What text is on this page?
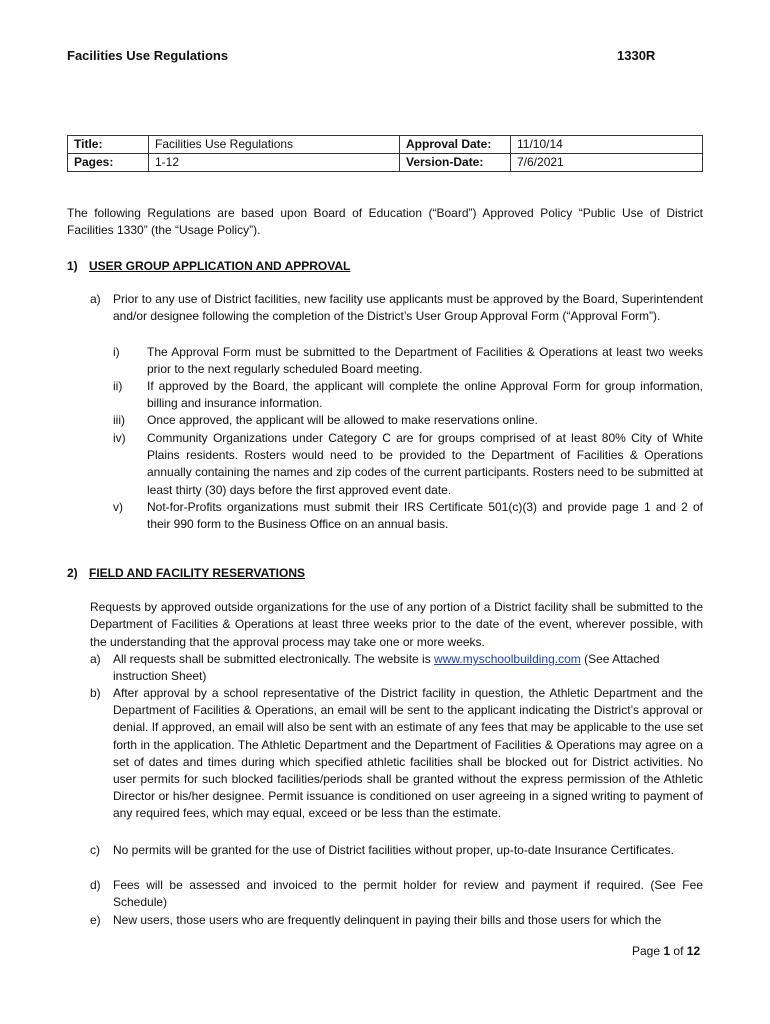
Facilities Use Regulations	1330R
Title:	Facilities Use Regulations	Approval Date:	11/10/14
Pages:	1-12	Version-Date:	7/6/2021
The following Regulations are based upon Board of Education (“Board”) Approved Policy “Public Use of District Facilities 1330” (the “Usage Policy”).
1) USER GROUP APPLICATION AND APPROVAL
a) Prior to any use of District facilities, new facility use applicants must be approved by the Board, Superintendent and/or designee following the completion of the District’s User Group Approval Form (“Approval Form”).
i) The Approval Form must be submitted to the Department of Facilities & Operations at least two weeks prior to the next regularly scheduled Board meeting.
ii) If approved by the Board, the applicant will complete the online Approval Form for group information, billing and insurance information.
iii) Once approved, the applicant will be allowed to make reservations online.
iv) Community Organizations under Category C are for groups comprised of at least 80% City of White Plains residents. Rosters would need to be provided to the Department of Facilities & Operations annually containing the names and zip codes of the current participants. Rosters need to be submitted at least thirty (30) days before the first approved event date.
v) Not-for-Profits organizations must submit their IRS Certificate 501(c)(3) and provide page 1 and 2 of their 990 form to the Business Office on an annual basis.
2) FIELD AND FACILITY RESERVATIONS
Requests by approved outside organizations for the use of any portion of a District facility shall be submitted to the Department of Facilities & Operations at least three weeks prior to the date of the event, wherever possible, with the understanding that the approval process may take one or more weeks.
a) All requests shall be submitted electronically. The website is www.myschoolbuilding.com (See Attached instruction Sheet)
b) After approval by a school representative of the District facility in question, the Athletic Department and the Department of Facilities & Operations, an email will be sent to the applicant indicating the District’s approval or denial. If approved, an email will also be sent with an estimate of any fees that may be applicable to the use set forth in the application. The Athletic Department and the Department of Facilities & Operations may agree on a set of dates and times during which specified athletic facilities shall be blocked out for District activities. No user permits for such blocked facilities/periods shall be granted without the express permission of the Athletic Director or his/her designee. Permit issuance is conditioned on user agreeing in a signed writing to payment of any required fees, which may equal, exceed or be less than the estimate.
c) No permits will be granted for the use of District facilities without proper, up-to-date Insurance Certificates.
d) Fees will be assessed and invoiced to the permit holder for review and payment if required. (See Fee Schedule)
e) New users, those users who are frequently delinquent in paying their bills and those users for which the
Page 1 of 12
